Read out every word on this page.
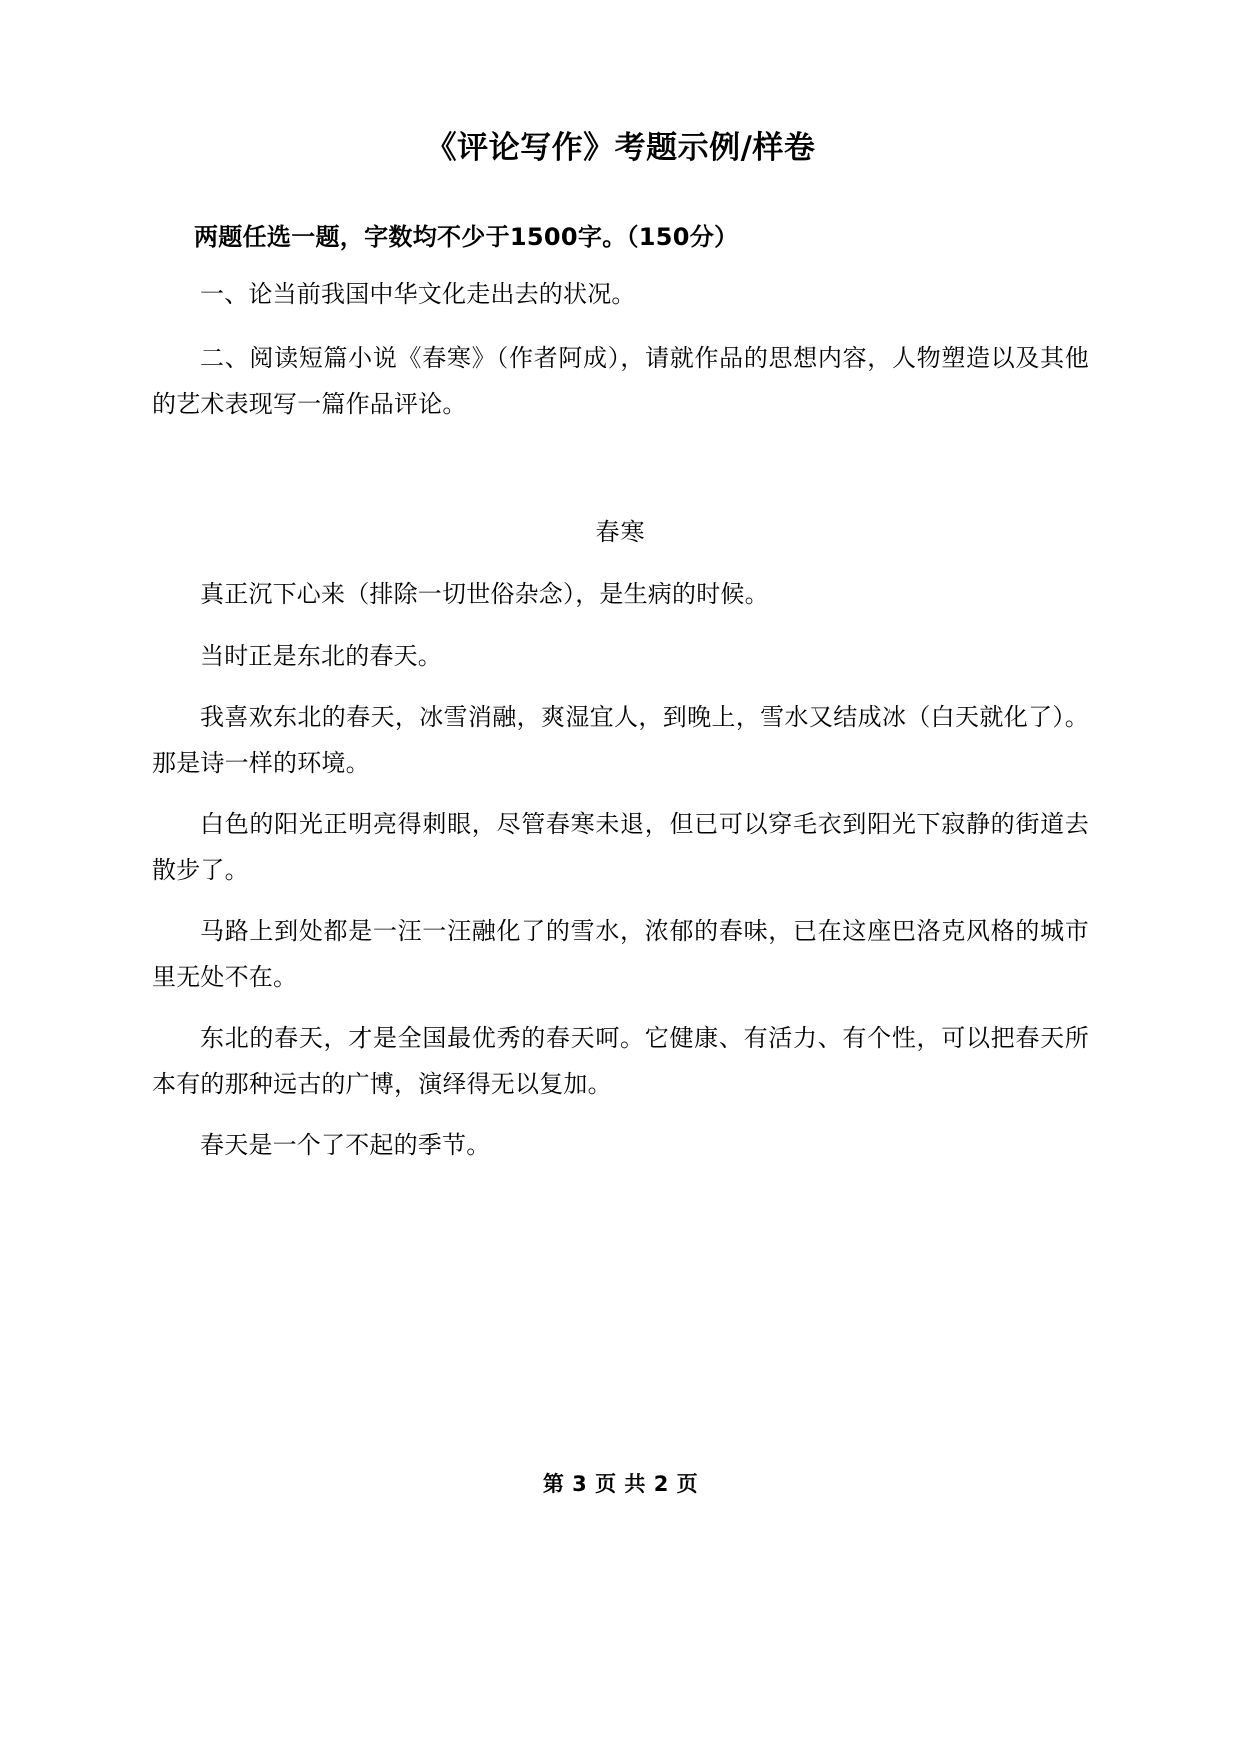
《评论写作》考题示例/样卷

两题任选一题，字数均不少于1500字。（150分）

一、论当前我国中华文化走出去的状况。

二、阅读短篇小说《春寒》（作者阿成），请就作品的思想内容，人物塑造以及其他的艺术表现写一篇作品评论。

春寒

真正沉下心来（排除一切世俗杂念），是生病的时候。

当时正是东北的春天。

我喜欢东北的春天，冰雪消融，爽湿宜人，到晚上，雪水又结成冰（白天就化了）。那是诗一样的环境。

白色的阳光正明亮得刺眼，尽管春寒未退，但已可以穿毛衣到阳光下寂静的街道去散步了。

马路上到处都是一汪一汪融化了的雪水，浓郁的春味，已在这座巴洛克风格的城市里无处不在。

东北的春天，才是全国最优秀的春天呵。它健康、有活力、有个性，可以把春天所本有的那种远古的广博，演绎得无以复加。

春天是一个了不起的季节。

第 3 页 共 2 页
